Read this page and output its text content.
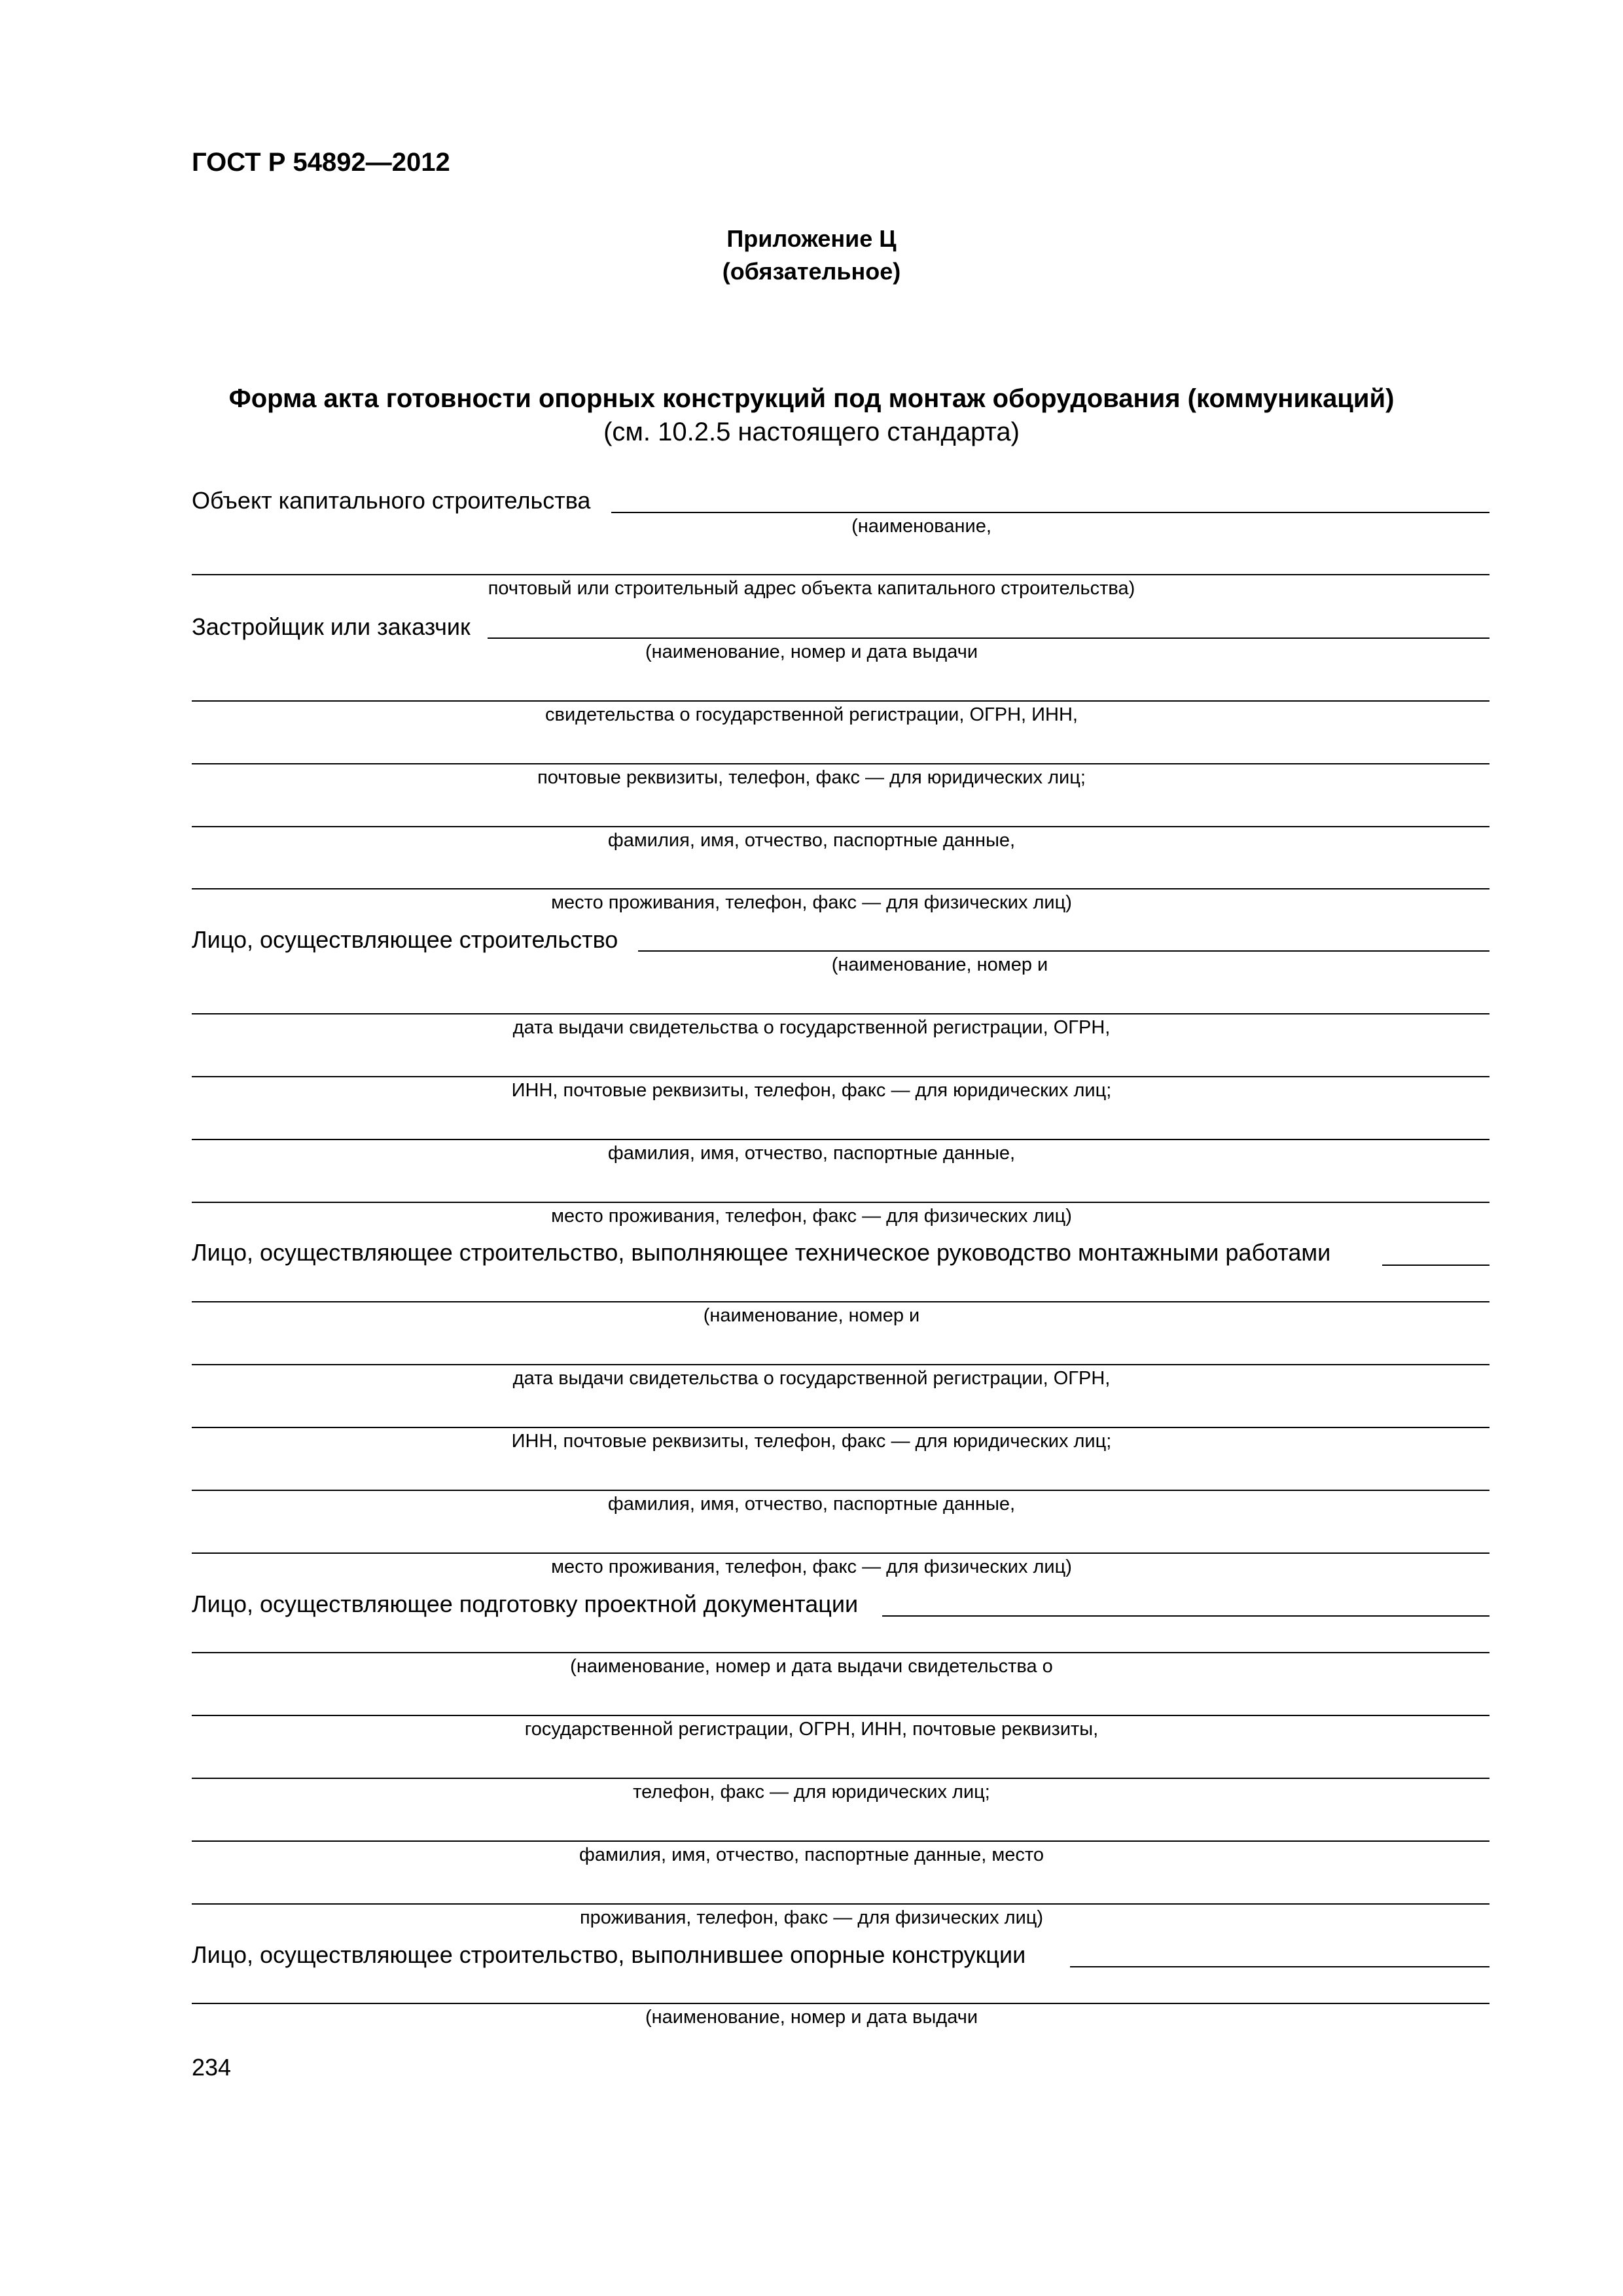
ГОСТ Р 54892—2012
Приложение Ц
(обязательное)
Форма акта готовности опорных конструкций под монтаж оборудования (коммуникаций)
(см. 10.2.5 настоящего стандарта)
Объект капитального строительства
(наименование,
почтовый или строительный адрес объекта капитального строительства)
Застройщик или заказчик
(наименование, номер и дата выдачи
свидетельства о государственной регистрации, ОГРН, ИНН,
почтовые реквизиты, телефон, факс — для юридических лиц;
фамилия, имя, отчество, паспортные данные,
место проживания, телефон, факс — для физических лиц)
Лицо, осуществляющее строительство
(наименование, номер и
дата выдачи свидетельства о государственной регистрации, ОГРН,
ИНН, почтовые реквизиты, телефон, факс — для юридических лиц;
фамилия, имя, отчество, паспортные данные,
место проживания, телефон, факс — для физических лиц)
Лицо, осуществляющее строительство, выполняющее техническое руководство монтажными работами
(наименование, номер и
дата выдачи свидетельства о государственной регистрации, ОГРН,
ИНН, почтовые реквизиты, телефон, факс — для юридических лиц;
фамилия, имя, отчество, паспортные данные,
место проживания, телефон, факс — для физических лиц)
Лицо, осуществляющее подготовку проектной документации
(наименование, номер и дата выдачи свидетельства о
государственной регистрации, ОГРН, ИНН, почтовые реквизиты,
телефон, факс — для юридических лиц;
фамилия, имя, отчество, паспортные данные, место
проживания, телефон, факс — для физических лиц)
Лицо, осуществляющее строительство, выполнившее опорные конструкции
(наименование, номер и дата выдачи
234
